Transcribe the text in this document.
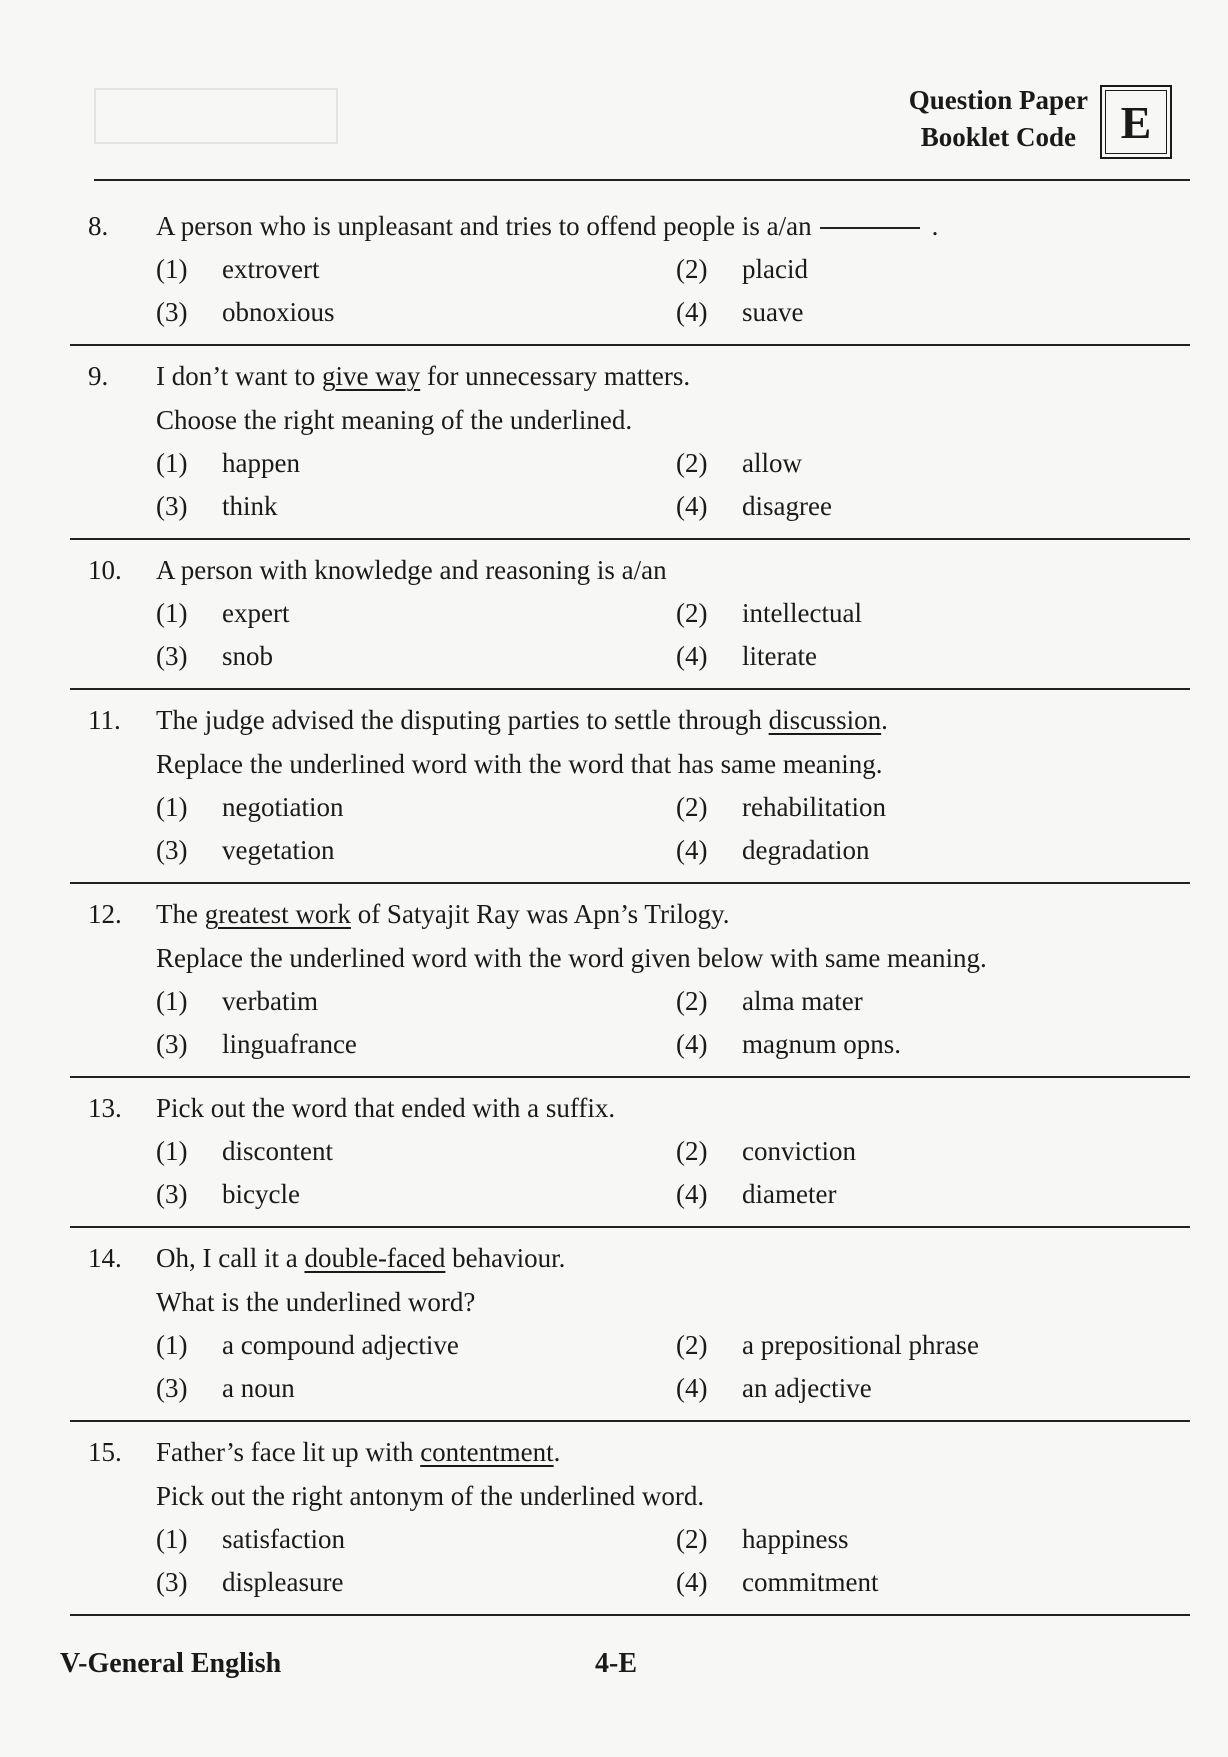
Question Paper
Booklet Code E
8.	A person who is unpleasant and tries to offend people is a/an	.
(1)	extrovert	(2)	placid
(3)	obnoxious	(4)	suave
9.	I don’t want to give way for unnecessary matters.
Choose the right meaning of the underlined.
(1)	happen	(2)	allow
(3)	think	(4)	disagree
10.	A person with knowledge and reasoning is a/an
(1)	expert	(2)	intellectual
(3)	snob	(4)	literate
11.	The judge advised the disputing parties to settle through discussion.
Replace the underlined word with the word that has same meaning.
(1)	negotiation	(2)	rehabilitation
(3)	vegetation	(4)	degradation
12.	The greatest work of Satyajit Ray was Apn’s Trilogy.
Replace the underlined word with the word given below with same meaning.
(1)	verbatim	(2)	alma mater
(3)	linguafrance	(4)	magnum opns.
13.	Pick out the word that ended with a suffix.
(1)	discontent	(2)	conviction
(3)	bicycle	(4)	diameter
14.	Oh, I call it a double-faced behaviour.
What is the underlined word?
(1)	a compound adjective	(2)	a prepositional phrase
(3)	a noun	(4)	an adjective
15.	Father’s face lit up with contentment.
Pick out the right antonym of the underlined word.
(1)	satisfaction	(2)	happiness
(3)	displeasure	(4)	commitment
V-General English	4-E
